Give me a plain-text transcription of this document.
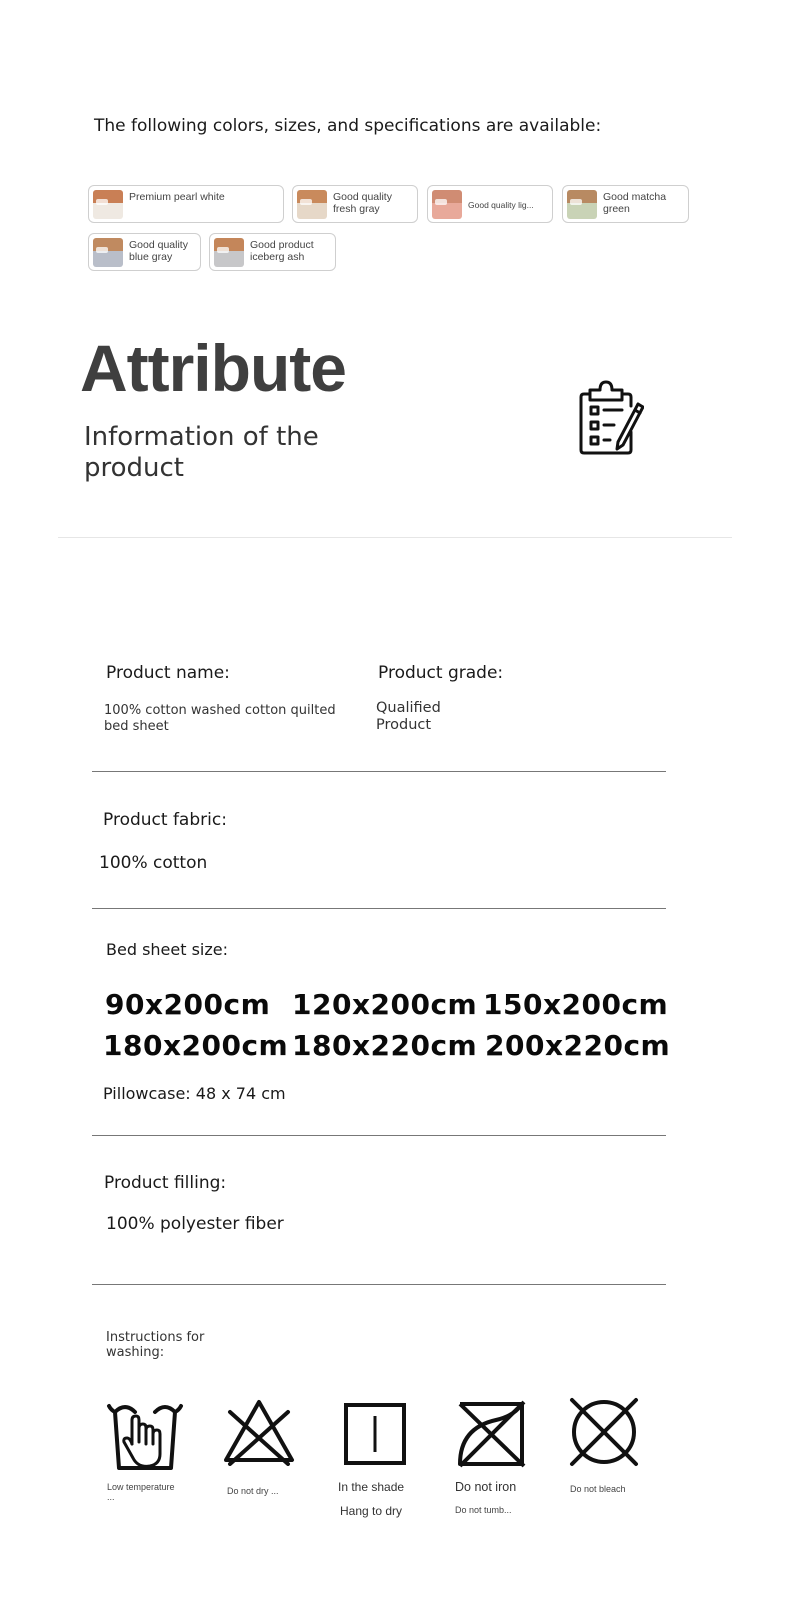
The following colors, sizes, and specifications are available:
Premium pearl white	Good quality fresh gray	Good quality lig...
Good matcha green
Good quality blue gray
Good product iceberg ash
Attribute
Information of the product
Product name:
100% cotton washed cotton quilted bed sheet
Product grade:
Qualified Product
Product fabric:
100% cotton
Bed sheet size:
90x200cm 120x200cm 150x200cm
180x200cm 180x220cm 200x220cm
Pillowcase: 48 x 74 cm
Product filling:
100% polyester fiber
Instructions for washing:
Low temperature ...
Do not dry ...	In the shade
Hang to dry
Do not iron
Do not tumb...
Do not bleach
